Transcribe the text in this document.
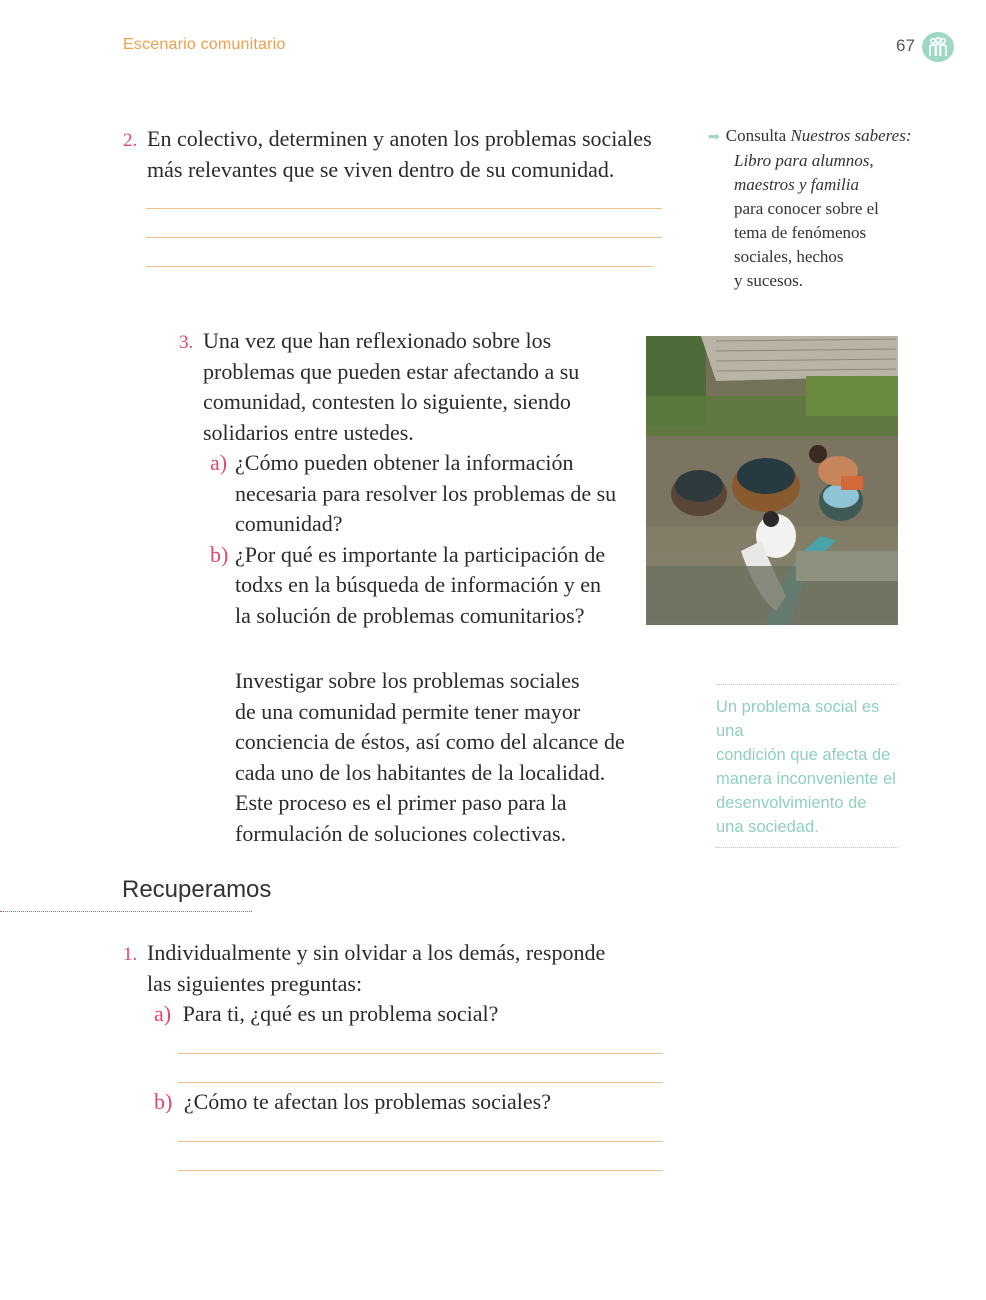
Escenario comunitario	67
2. En colectivo, determinen y anoten los problemas sociales
más relevantes que se viven dentro de su comunidad.
➡ Consulta Nuestros saberes:
Libro para alumnos,
maestros y familia
para conocer sobre el
tema de fenómenos
sociales, hechos
y sucesos.
3. Una vez que han reflexionado sobre los
problemas que pueden estar afectando a su
comunidad, contesten lo siguiente, siendo
solidarios entre ustedes.
a) ¿Cómo pueden obtener la información
necesaria para resolver los problemas de su
comunidad?
b) ¿Por qué es importante la participación de
todxs en la búsqueda de información y en
la solución de problemas comunitarios?
Investigar sobre los problemas sociales
de una comunidad permite tener mayor
conciencia de éstos, así como del alcance de
cada uno de los habitantes de la localidad.
Este proceso es el primer paso para la
formulación de soluciones colectivas.
Un problema social es una
condición que afecta de
manera inconveniente el
desenvolvimiento de
una sociedad.
Recuperamos
1. Individualmente y sin olvidar a los demás, responde
las siguientes preguntas:
a) Para ti, ¿qué es un problema social?
b) ¿Cómo te afectan los problemas sociales?
